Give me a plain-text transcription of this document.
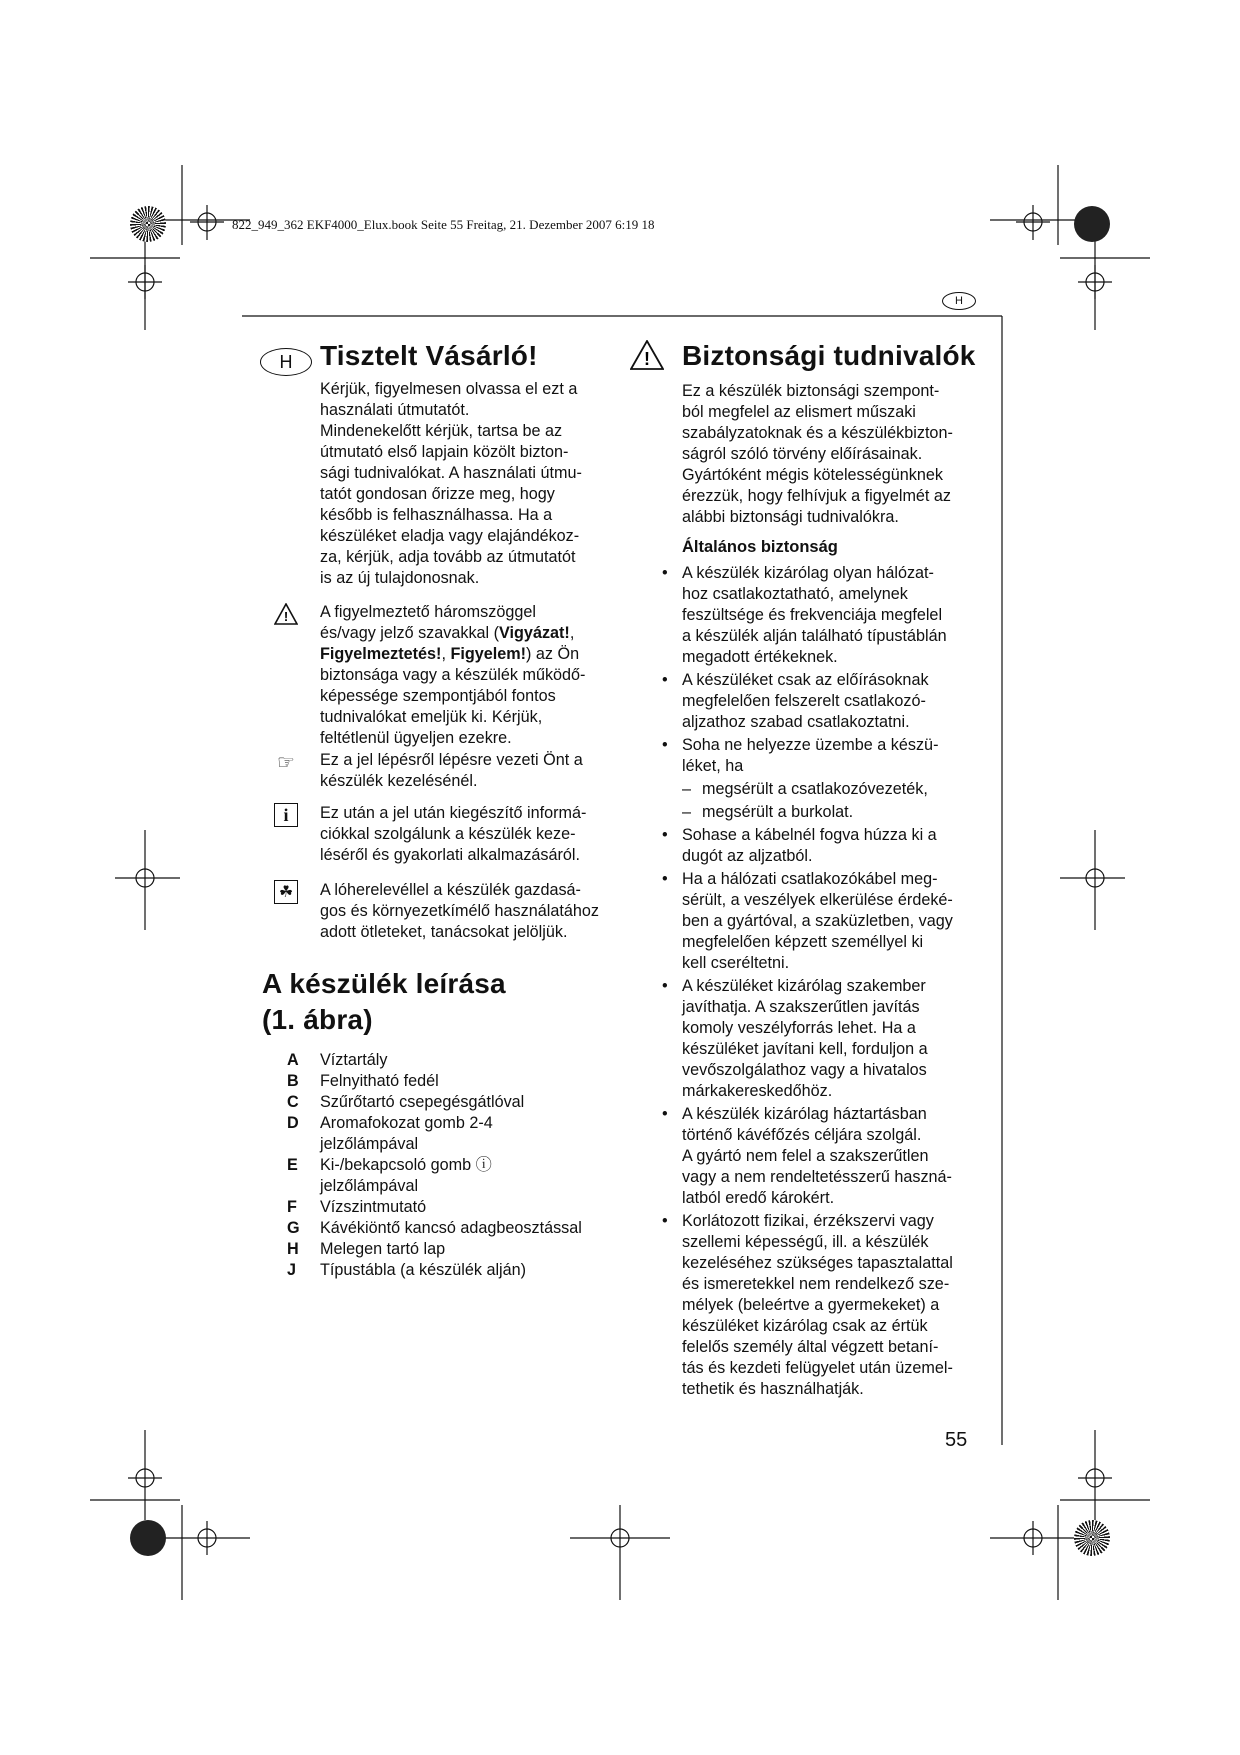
822_949_362 EKF4000_Elux.book Seite 55 Freitag, 21. Dezember 2007 6:19 18
H
H Tisztelt Vásárló!

Kérjük, figyelmesen olvassa el ezt a
használati útmutatót.

Mindenekelőtt kérjük, tartsa be az
útmutató első lapjain közölt bizton-
sági tudnivalókat. A használati útmu-
tatót gondosan őrizze meg, hogy
később is felhasználhassa. Ha a
készüléket eladja vagy elajándékoz-
za, kérjük, adja tovább az útmutatót
is az új tulajdonosnak.

! A figyelmeztető háromszöggel
és/vagy jelző szavakkal (Vigyázat!,
Figyelmeztetés!, Figyelem!) az Ön
biztonsága vagy a készülék működő-
képessége szempontjából fontos
tudnivalókat emeljük ki. Kérjük,
feltétlenül ügyeljen ezekre.

☞ Ez a jel lépésről lépésre vezeti Önt a
készülék kezelésénél.

i	Ez után a jel után kiegészítő informá-
ciókkal szolgálunk a készülék keze-
léséről és gyakorlati alkalmazásáról.

☘ A lóherelevéllel a készülék gazdasá-
gos és környezetkímélő használatához
adott ötleteket, tanácsokat jelöljük.

A készülék leírása
(1. ábra)
A	Víztartály
B	Felnyitható fedél
C	Szűrőtartó csepegésgátlóval
D	Aromafokozat gomb 2-4
jelzőlámpával
E	Ki-/bekapcsoló gomb ⓘ
jelzőlámpával
F	Vízszintmutató
G	Kávékiöntő kancsó adagbeosztással
H	Melegen tartó lap
J	Típustábla (a készülék alján)
! Biztonsági tudnivalók

Ez a készülék biztonsági szempont-
ból megfelel az elismert műszaki
szabályzatoknak és a készülékbizton-
ságról szóló törvény előírásainak.
Gyártóként mégis kötelességünknek
érezzük, hogy felhívjuk a figyelmét az
alábbi biztonsági tudnivalókra.

Általános biztonság
• A készülék kizárólag olyan hálózat-
hoz csatlakoztatható, amelynek
feszültsége és frekvenciája megfelel
a készülék alján található típustáblán
megadott értékeknek.
• A készüléket csak az előírásoknak
megfelelően felszerelt csatlakozó-
aljzathoz szabad csatlakoztatni.
• Soha ne helyezze üzembe a készü-
léket, ha
– megsérült a csatlakozóvezeték,
– megsérült a burkolat.
• Sohase a kábelnél fogva húzza ki a
dugót az aljzatból.
• Ha a hálózati csatlakozókábel meg-
sérült, a veszélyek elkerülése érdeké-
ben a gyártóval, a szaküzletben, vagy
megfelelően képzett személlyel ki
kell cseréltetni.
• A készüléket kizárólag szakember
javíthatja. A szakszerűtlen javítás
komoly veszélyforrás lehet. Ha a
készüléket javítani kell, forduljon a
vevőszolgálathoz vagy a hivatalos
márkakereskedőhöz.
• A készülék kizárólag háztartásban
történő kávéfőzés céljára szolgál.
A gyártó nem felel a szakszerűtlen
vagy a nem rendeltetésszerű haszná-
latból eredő károkért.
• Korlátozott fizikai, érzékszervi vagy
szellemi képességű, ill. a készülék
kezeléséhez szükséges tapasztalattal
és ismeretekkel nem rendelkező sze-
mélyek (beleértve a gyermekeket) a
készüléket kizárólag csak az értük
felelős személy által végzett betaní-
tás és kezdeti felügyelet után üzemel-
tethetik és használhatják.
55
